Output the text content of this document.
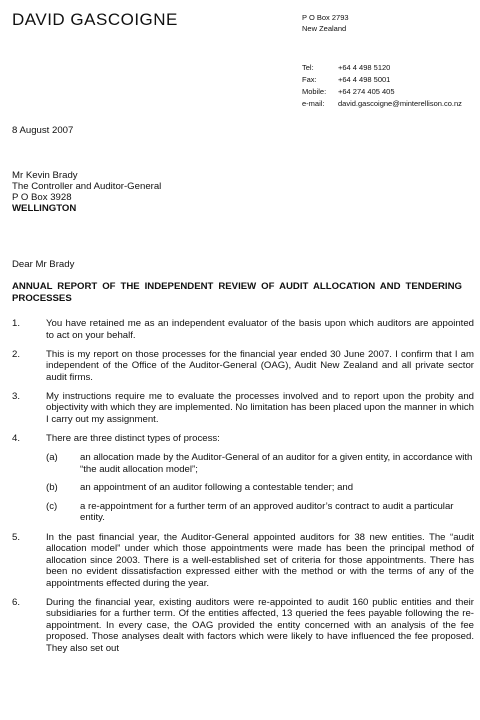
DAVID GASCOIGNE	P O Box 2793
New Zealand
Tel:	+64 4 498 5120
Fax:	+64 4 498 5001
Mobile:	+64 274 405 405
e-mail:	david.gascoigne@minterellison.co.nz
8 August 2007
Mr Kevin Brady
The Controller and Auditor-General
P O Box 3928
WELLINGTON
Dear Mr Brady
ANNUAL REPORT OF THE INDEPENDENT REVIEW OF AUDIT ALLOCATION AND TENDERING PROCESSES
1.	You have retained me as an independent evaluator of the basis upon which auditors are appointed to act on your behalf.
2.	This is my report on those processes for the financial year ended 30 June 2007. I confirm that I am independent of the Office of the Auditor-General (OAG), Audit New Zealand and all private sector audit firms.
3.	My instructions require me to evaluate the processes involved and to report upon the probity and objectivity with which they are implemented. No limitation has been placed upon the manner in which I carry out my assignment.
4.	There are three distinct types of process:
(a)	an allocation made by the Auditor-General of an auditor for a given entity, in accordance with “the audit allocation model”;
(b)	an appointment of an auditor following a contestable tender; and
(c)	a re-appointment for a further term of an approved auditor’s contract to audit a particular entity.
5.	In the past financial year, the Auditor-General appointed auditors for 38 new entities. The “audit allocation model” under which those appointments were made has been the principal method of allocation since 2003. There is a well-established set of criteria for those appointments. There has been no evident dissatisfaction expressed either with the method or with the terms of any of the appointments effected during the year.
6.	During the financial year, existing auditors were re-appointed to audit 160 public entities and their subsidiaries for a further term. Of the entities affected, 13 queried the fees payable following the re-appointment. In every case, the OAG provided the entity concerned with an analysis of the fee proposed. Those analyses dealt with factors which were likely to have influenced the fee proposed. They also set out
